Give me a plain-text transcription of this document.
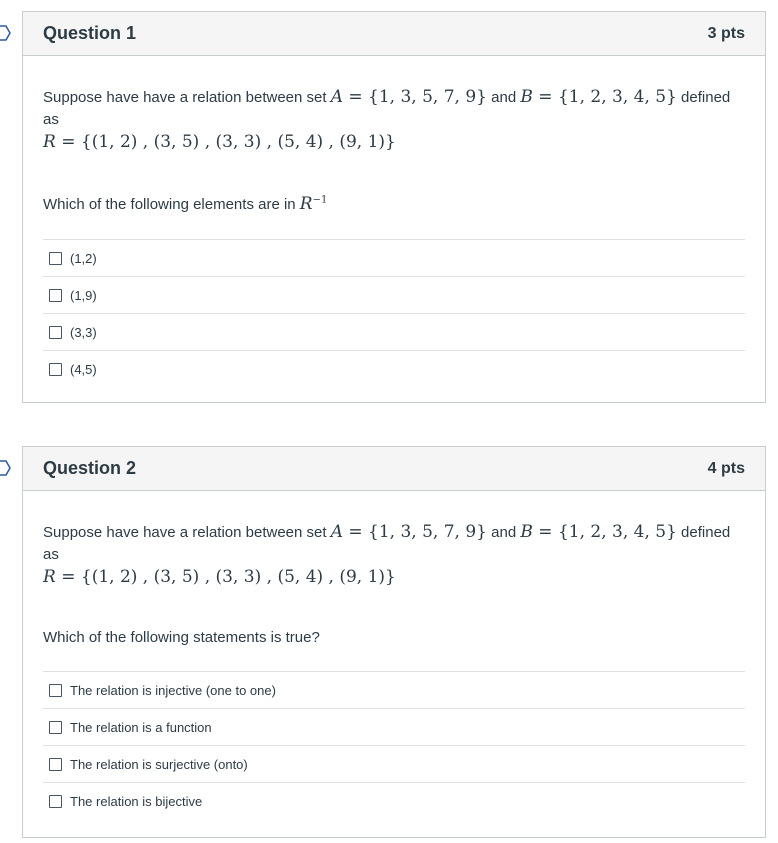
Question 1	3 pts
Suppose have have a relation between set A = {1, 3, 5, 7, 9} and B = {1, 2, 3, 4, 5} defined as
R = {(1, 2) , (3, 5) , (3, 3) , (5, 4) , (9, 1)}
Which of the following elements are in $R^{-1}$
(1,2)
(1,9)
(3,3)
(4,5)
Question 2	4 pts
Suppose have have a relation between set A = {1, 3, 5, 7, 9} and B = {1, 2, 3, 4, 5} defined as
R = {(1, 2) , (3, 5) , (3, 3) , (5, 4) , (9, 1)}
Which of the following statements is true?
The relation is injective (one to one)
The relation is a function
The relation is surjective (onto)
The relation is bijective
